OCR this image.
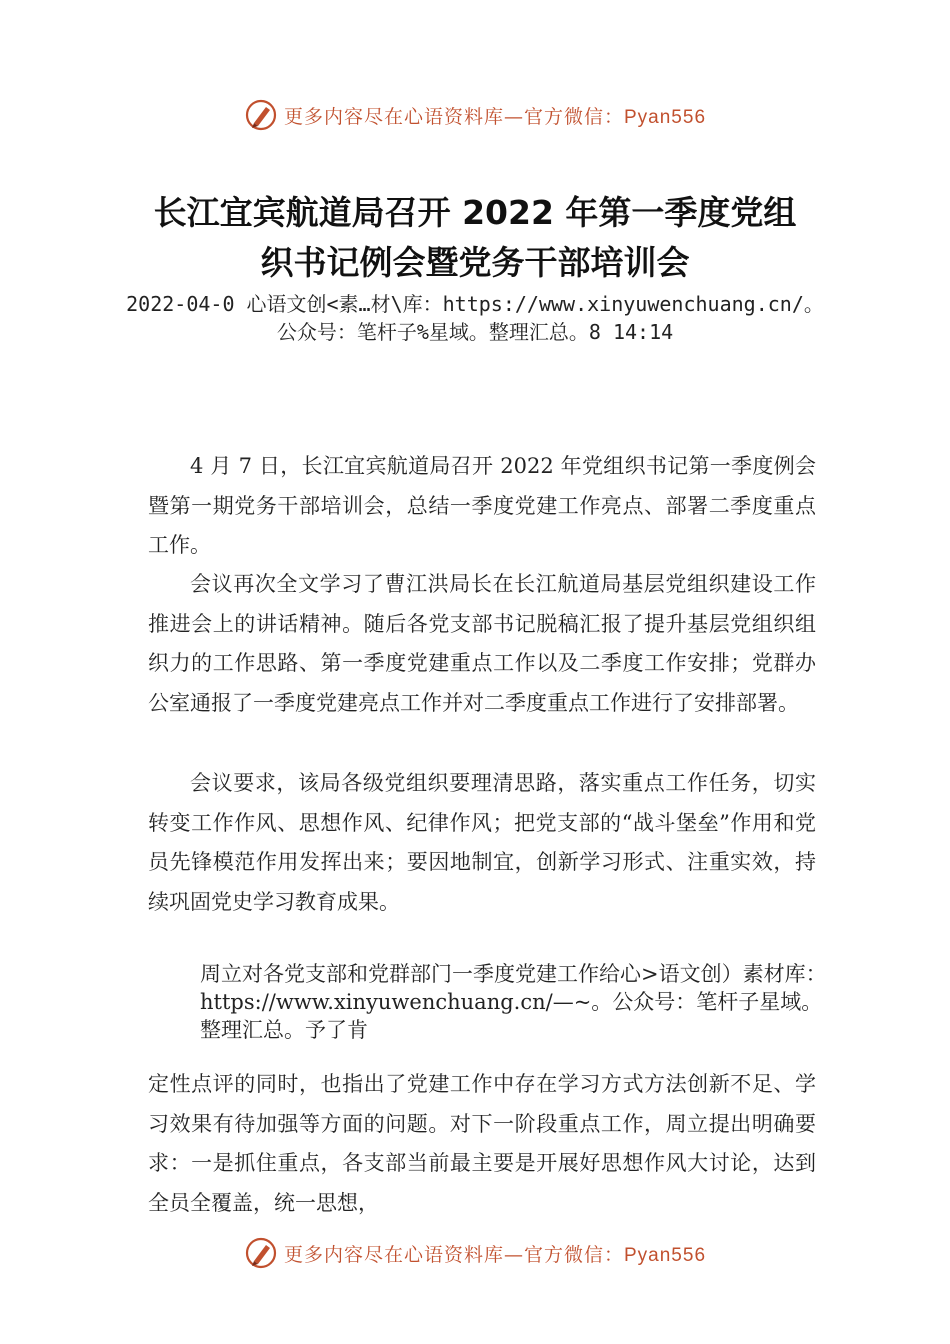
更多内容尽在心语资料库—官方微信：Pyan556
长江宜宾航道局召开 2022 年第一季度党组
织书记例会暨党务干部培训会
2022-04-0 心语文创<素…材\库：https://www.xinyuwenchuang.cn/。公众号：笔杆子%星域。整理汇总。8 14:14

4 月 7 日，长江宜宾航道局召开 2022 年党组织书记第一季度例会暨第一期党务干部培训会，总结一季度党建工作亮点、部署二季度重点工作。

会议再次全文学习了曹江洪局长在长江航道局基层党组织建设工作推进会上的讲话精神。随后各党支部书记脱稿汇报了提升基层党组织组织力的工作思路、第一季度党建重点工作以及二季度工作安排；党群办公室通报了一季度党建亮点工作并对二季度重点工作进行了安排部署。

会议要求，该局各级党组织要理清思路，落实重点工作任务，切实转变工作作风、思想作风、纪律作风；把党支部的“战斗堡垒”作用和党员先锋模范作用发挥出来；要因地制宜，创新学习形式、注重实效，持续巩固党史学习教育成果。

周立对各党支部和党群部门一季度党建工作给心>语文创）素材库：https://www.xinyuwenchuang.cn/—~。公众号：笔杆子星域。整理汇总。予了肯

定性点评的同时，也指出了党建工作中存在学习方式方法创新不足、学习效果有待加强等方面的问题。对下一阶段重点工作，周立提出明确要求：一是抓住重点，各支部当前最主要是开展好思想作风大讨论，达到全员全覆盖，统一思想，

更多内容尽在心语资料库—官方微信：Pyan556
